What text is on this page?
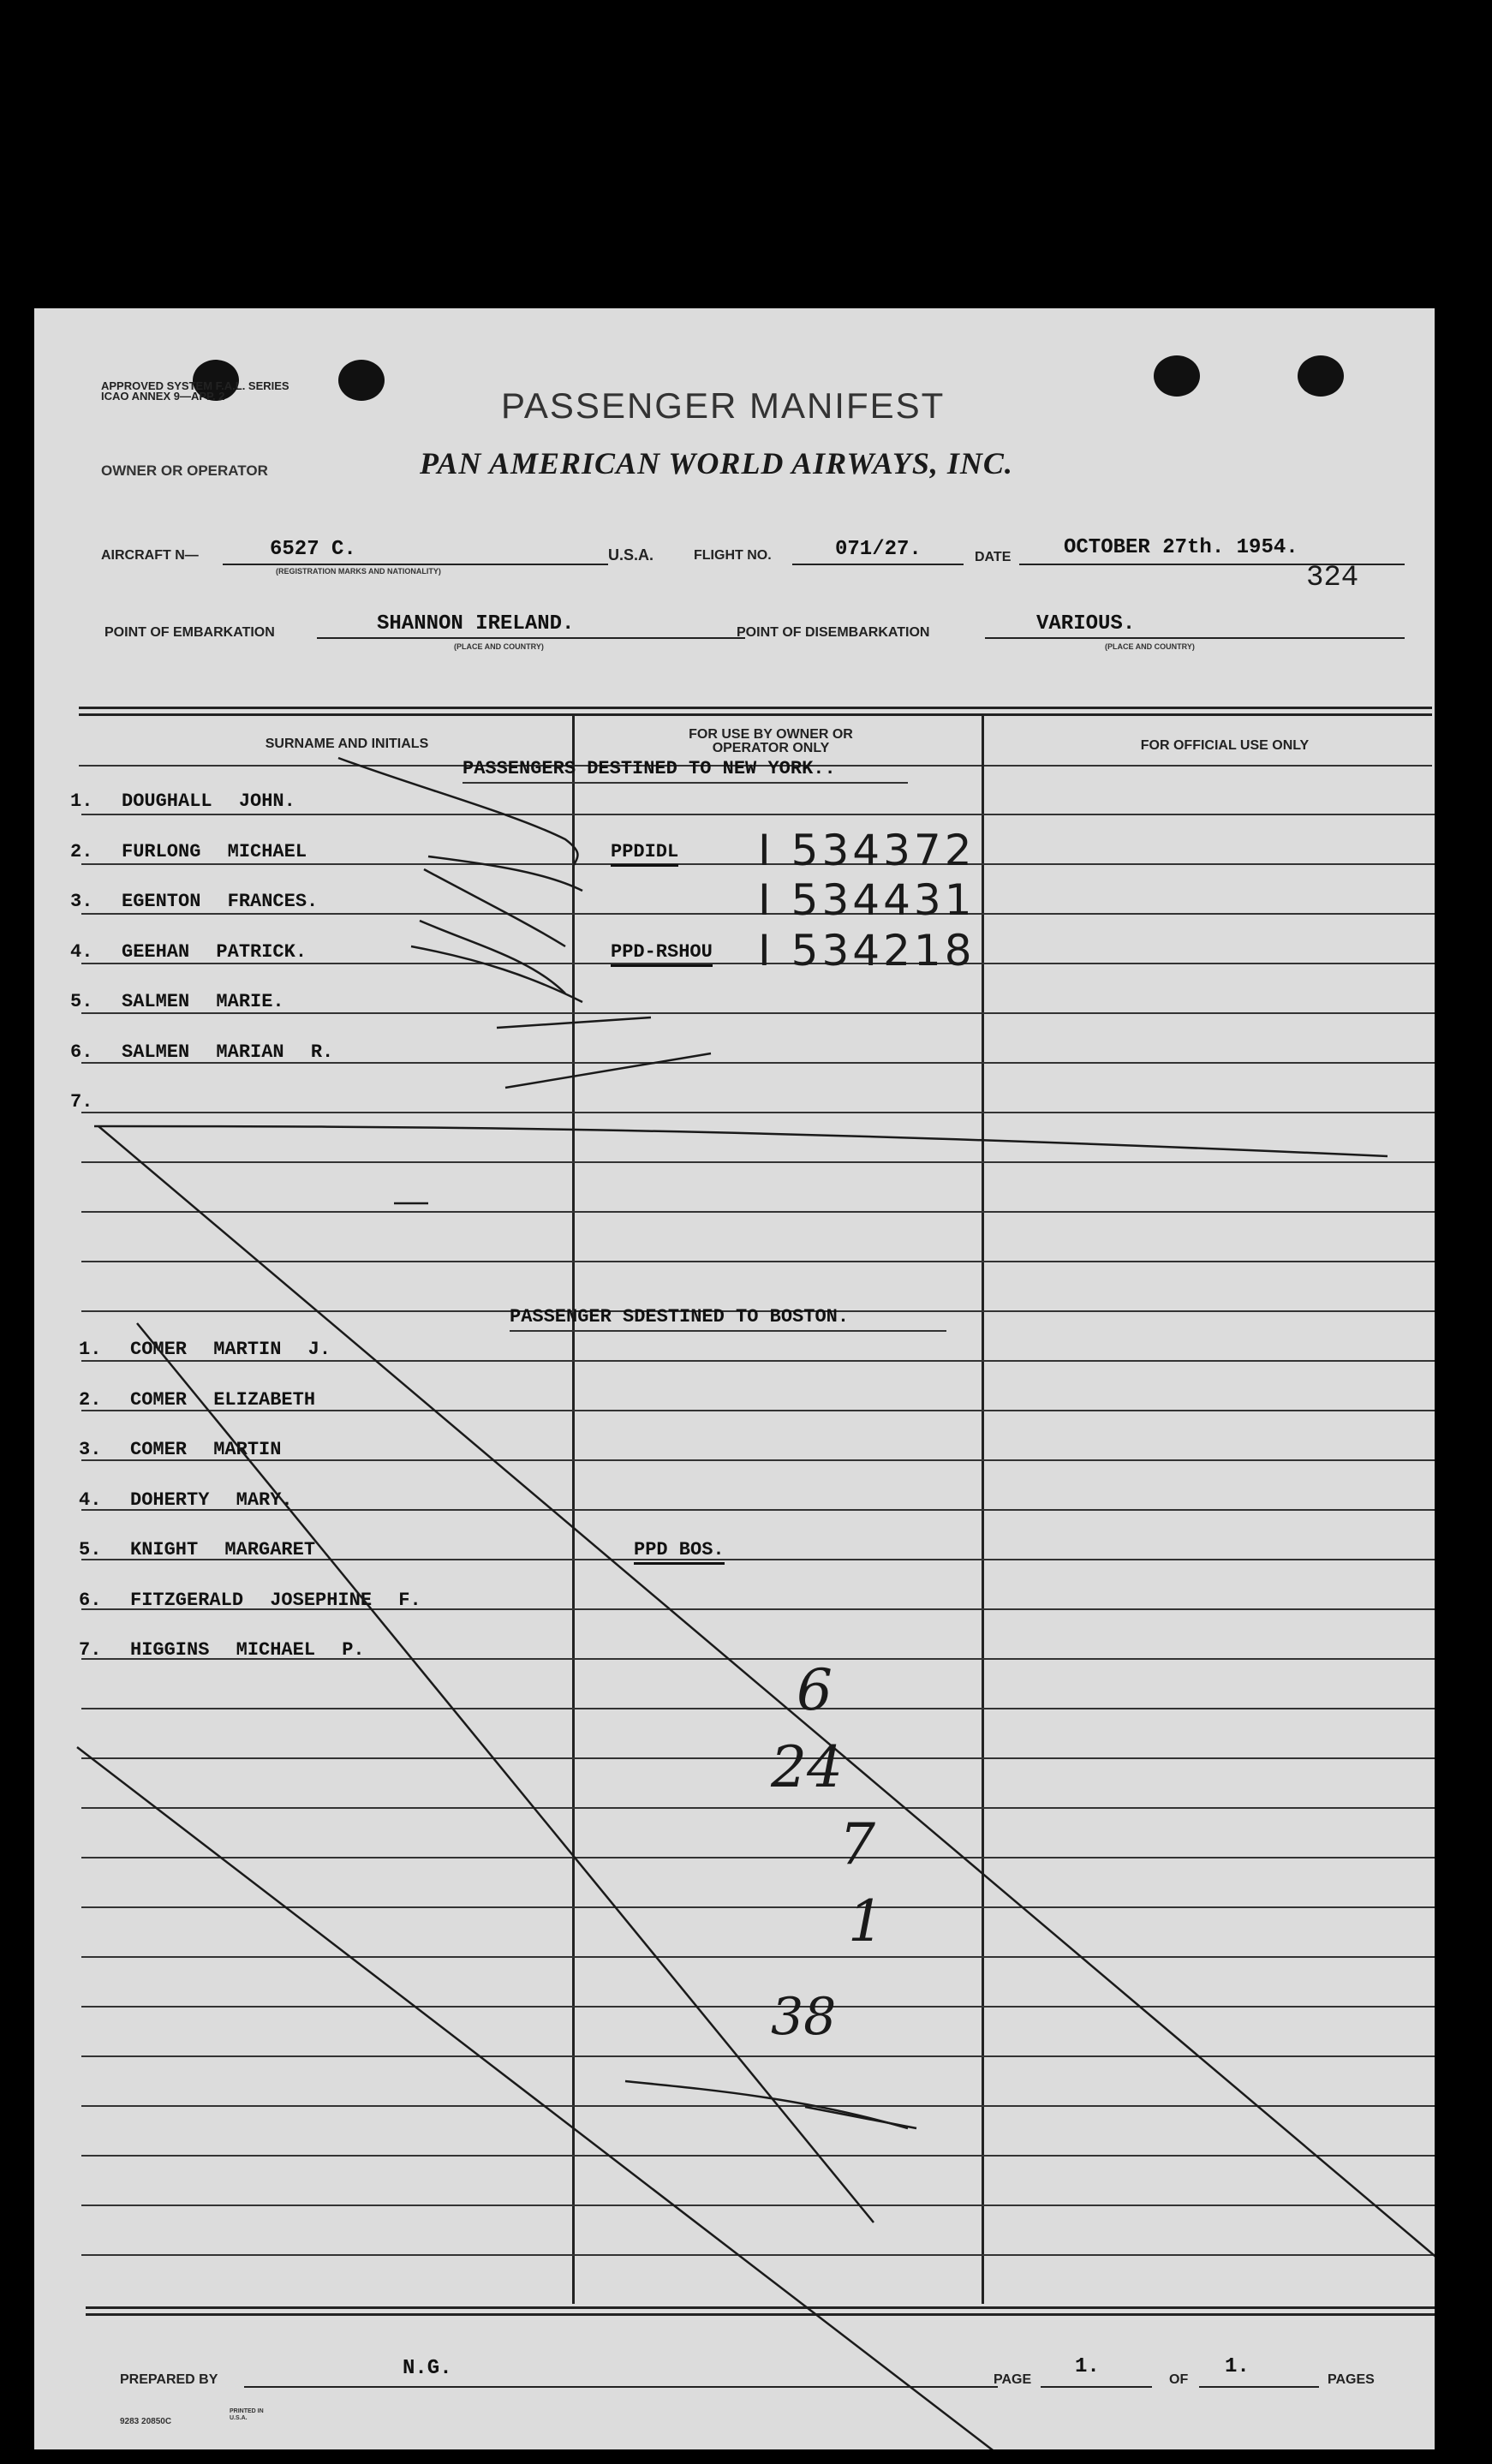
APPROVED SYSTEM F.A.L. SERIES ICAO ANNEX 9—APP. 2	PASSENGER MANIFEST
OWNER OR OPERATOR	PAN AMERICAN WORLD AIRWAYS, INC.
AIRCRAFT N—	6527 C.
(REGISTRATION MARKS AND NATIONALITY)
U.S.A.	FLIGHT NO.	071/27.	DATE	OCTOBER 27th. 1954.
324
POINT OF EMBARKATION	SHANNON IRELAND.
(PLACE AND COUNTRY)
POINT OF DISEMBARKATION	VARIOUS.
(PLACE AND COUNTRY)
SURNAME AND INITIALS
FOR USE BY OWNER OR OPERATOR ONLY	FOR OFFICIAL USE ONLY
PASSENGERS DESTINED TO NEW YORK..
1. DOUGHALL JOHN.
2. FURLONG MICHAEL	PPDIDL I 534372
3. EGENTON FRANCES.	I 534431
4. GEEHAN PATRICK.	PPD-RSHOU I 534218
5. SALMEN MARIE.
6. SALMEN MARIAN R.
7.
PASSENGER SDESTINED TO BOSTON.
1. COMER MARTIN J.
2. COMER ELIZABETH
3. COMER MARTIN
4. DOHERTY MARY.
5. KNIGHT MARGARET	PPD BOS.
6. FITZGERALD JOSEPHINE F.
7. HIGGINS MICHAEL P.
PREPARED BY	N.G.	PAGE
1.
OF
1.
PAGES
9283 20850C
PRINTED IN U.S.A.
6
24
7
1
38
